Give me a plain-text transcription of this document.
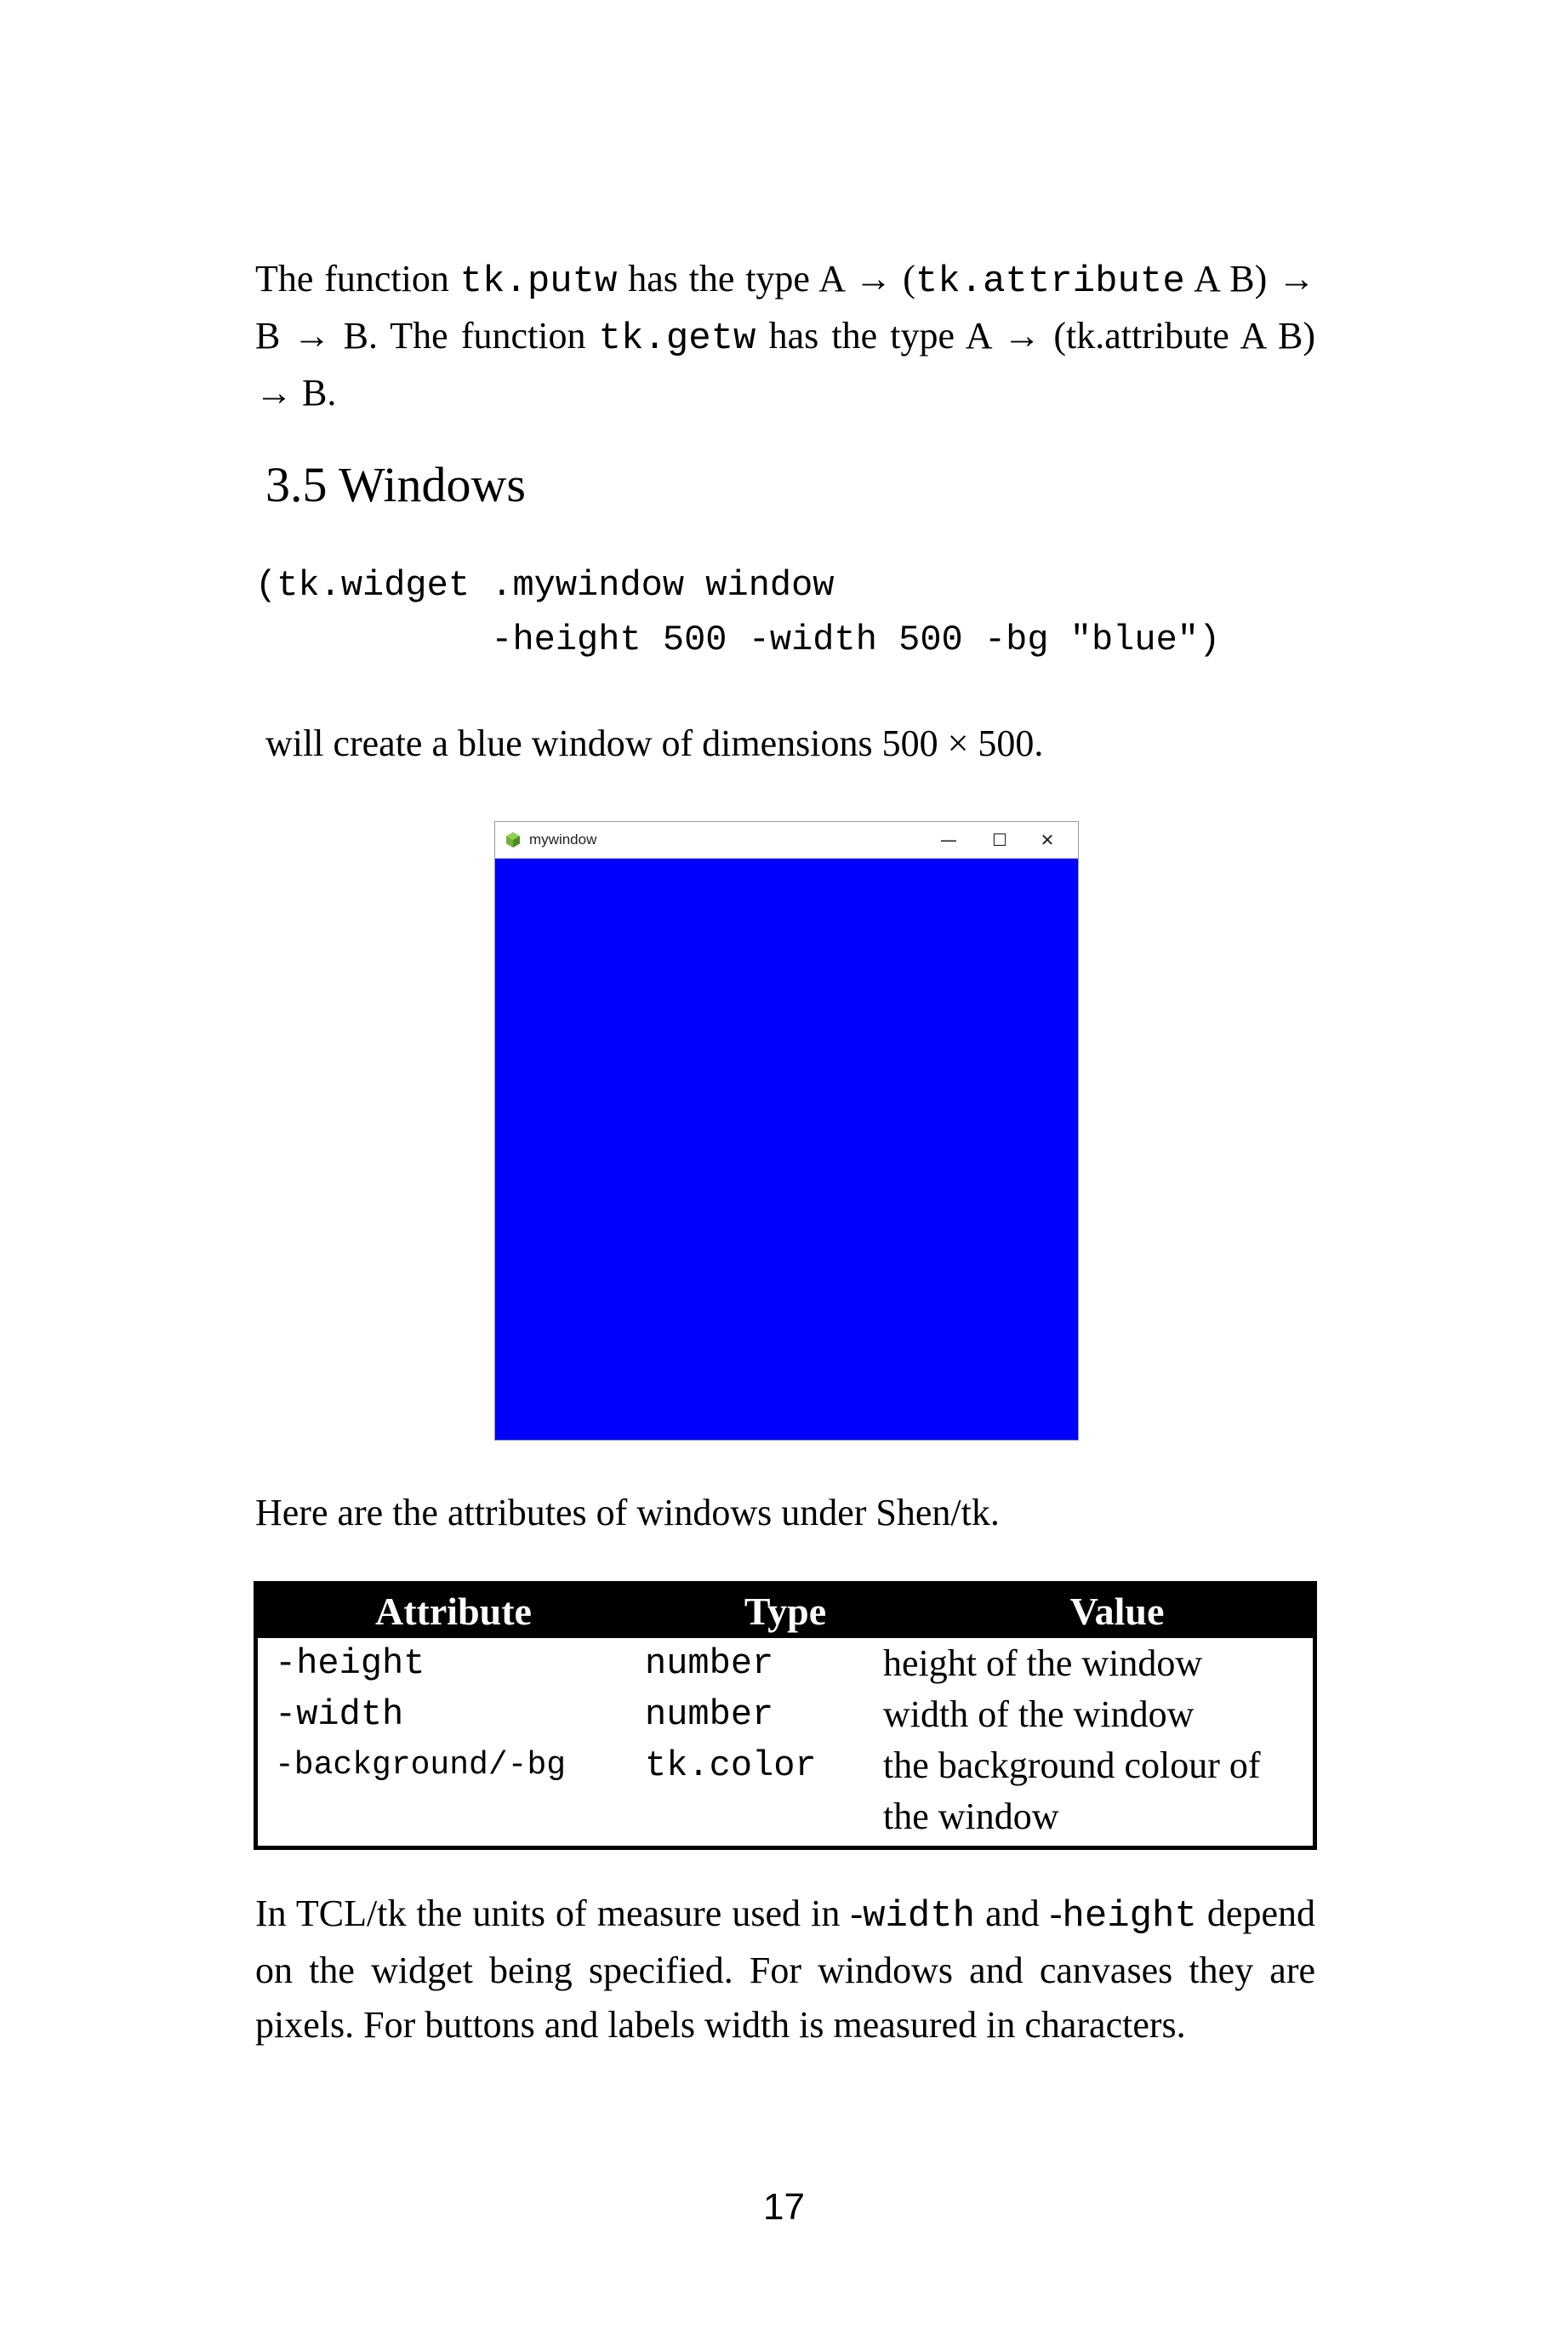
The function tk.putw has the type A → (tk.attribute A B) → B → B. The function tk.getw has the type A → (tk.attribute A B) → B.
3.5 Windows
(tk.widget .mywindow window
-height 500 -width 500 -bg "blue")
will create a blue window of dimensions 500 × 500.
mywindow	—	☐	✕
Here are the attributes of windows under Shen/tk.
Attribute	Type	Value
-height	number	height of the window
-width	number	width of the window
-background/-bg	tk.color	the background colour of the window
In TCL/tk the units of measure used in -width and -height depend on the widget being specified. For windows and canvases they are pixels. For buttons and labels width is measured in characters.
17
